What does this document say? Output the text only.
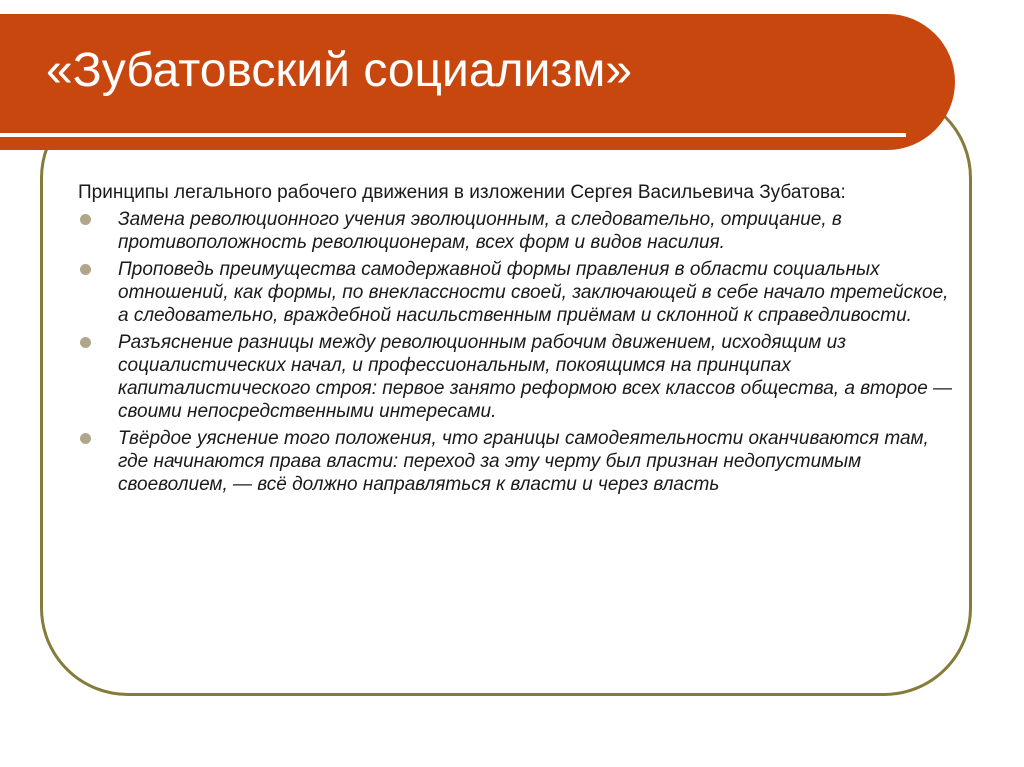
«Зубатовский социализм»

Принципы легального рабочего движения в изложении Сергея Васильевича Зубатова:

Замена революционного учения эволюционным, а следовательно, отрицание, в противоположность революционерам, всех форм и видов насилия.
Проповедь преимущества самодержавной формы правления в области социальных отношений, как формы, по внеклассности своей, заключающей в себе начало третейское, а следовательно, враждебной насильственным приёмам и склонной к справедливости.
Разъяснение разницы между революционным рабочим движением, исходящим из социалистических начал, и профессиональным, покоящимся на принципах капиталистического строя: первое занято реформою всех классов общества, а второе — своими непосредственными интересами.
Твёрдое уяснение того положения, что границы самодеятельности оканчиваются там, где начинаются права власти: переход за эту черту был признан недопустимым своеволием, — всё должно направляться к власти и через власть
